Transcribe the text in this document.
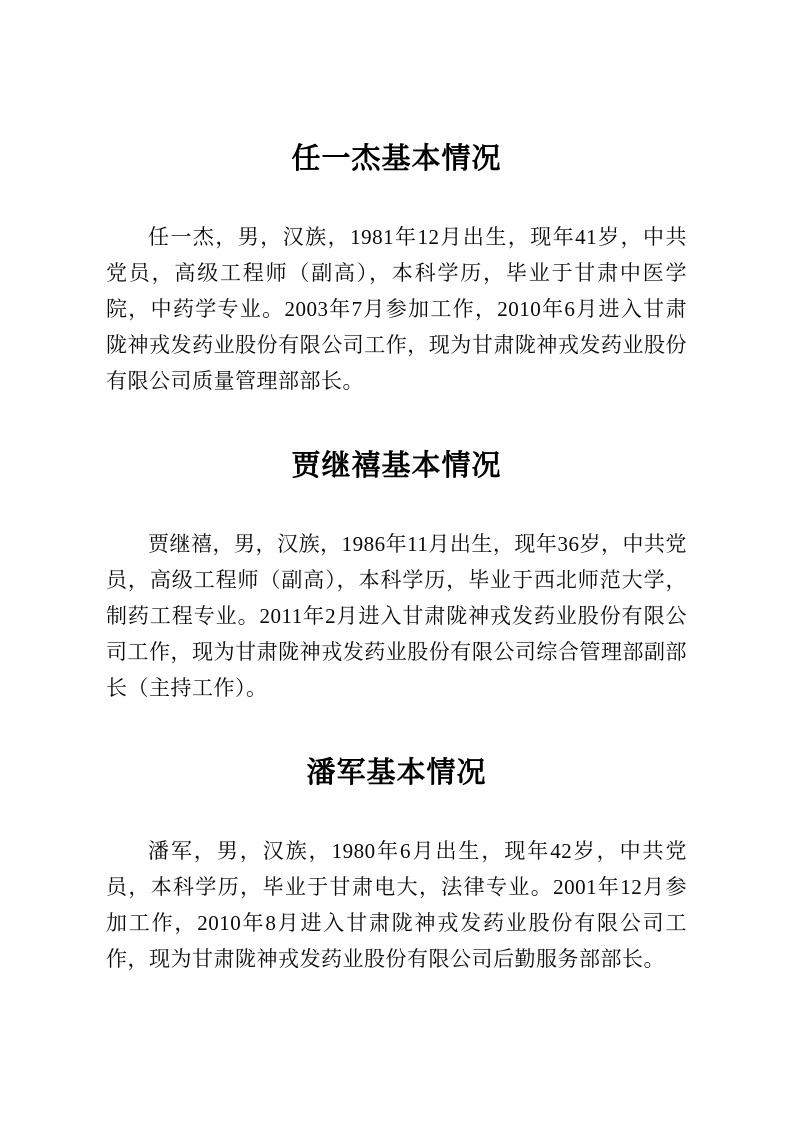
任一杰基本情况

任一杰，男，汉族，1981年12月出生，现年41岁，中共党员，高级工程师（副高），本科学历，毕业于甘肃中医学院，中药学专业。2003年7月参加工作，2010年6月进入甘肃陇神戎发药业股份有限公司工作，现为甘肃陇神戎发药业股份有限公司质量管理部部长。

贾继禧基本情况

贾继禧，男，汉族，1986年11月出生，现年36岁，中共党员，高级工程师（副高），本科学历，毕业于西北师范大学，制药工程专业。2011年2月进入甘肃陇神戎发药业股份有限公司工作，现为甘肃陇神戎发药业股份有限公司综合管理部副部长（主持工作）。

潘军基本情况

潘军，男，汉族，1980年6月出生，现年42岁，中共党员，本科学历，毕业于甘肃电大，法律专业。2001年12月参加工作，2010年8月进入甘肃陇神戎发药业股份有限公司工作，现为甘肃陇神戎发药业股份有限公司后勤服务部部长。
